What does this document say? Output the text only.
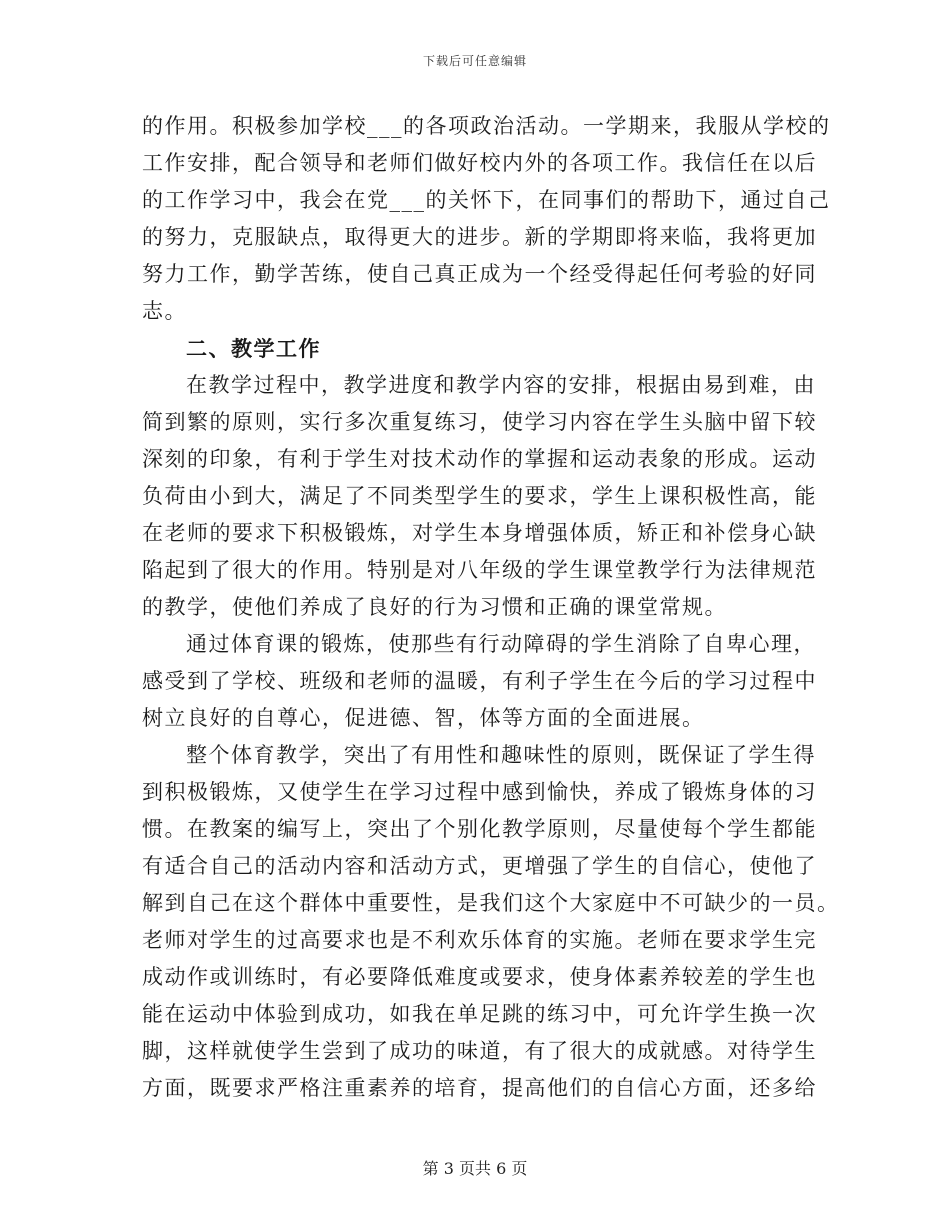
下载后可任意编辑
的作用。积极参加学校___的各项政治活动。一学期来，我服从学校的
工作安排，配合领导和老师们做好校内外的各项工作。我信任在以后
的工作学习中，我会在党___的关怀下，在同事们的帮助下，通过自己
的努力，克服缺点，取得更大的进步。新的学期即将来临，我将更加
努力工作，勤学苦练，使自己真正成为一个经受得起任何考验的好同
志。
二、教学工作
在教学过程中，教学进度和教学内容的安排，根据由易到难，由
简到繁的原则，实行多次重复练习，使学习内容在学生头脑中留下较
深刻的印象，有利于学生对技术动作的掌握和运动表象的形成。运动
负荷由小到大，满足了不同类型学生的要求，学生上课积极性高，能
在老师的要求下积极锻炼，对学生本身增强体质，矫正和补偿身心缺
陷起到了很大的作用。特别是对八年级的学生课堂教学行为法律规范
的教学，使他们养成了良好的行为习惯和正确的课堂常规。
通过体育课的锻炼，使那些有行动障碍的学生消除了自卑心理，
感受到了学校、班级和老师的温暖，有利子学生在今后的学习过程中
树立良好的自尊心，促进德、智，体等方面的全面进展。
整个体育教学，突出了有用性和趣味性的原则，既保证了学生得
到积极锻炼，又使学生在学习过程中感到愉快，养成了锻炼身体的习
惯。在教案的编写上，突出了个别化教学原则，尽量使每个学生都能
有适合自己的活动内容和活动方式，更增强了学生的自信心，使他了
解到自己在这个群体中重要性，是我们这个大家庭中不可缺少的一员。
老师对学生的过高要求也是不利欢乐体育的实施。老师在要求学生完
成动作或训练时，有必要降低难度或要求，使身体素养较差的学生也
能在运动中体验到成功，如我在单足跳的练习中，可允许学生换一次
脚，这样就使学生尝到了成功的味道，有了很大的成就感。对待学生
方面，既要求严格注重素养的培育，提高他们的自信心方面，还多给
第 3 页共 6 页
